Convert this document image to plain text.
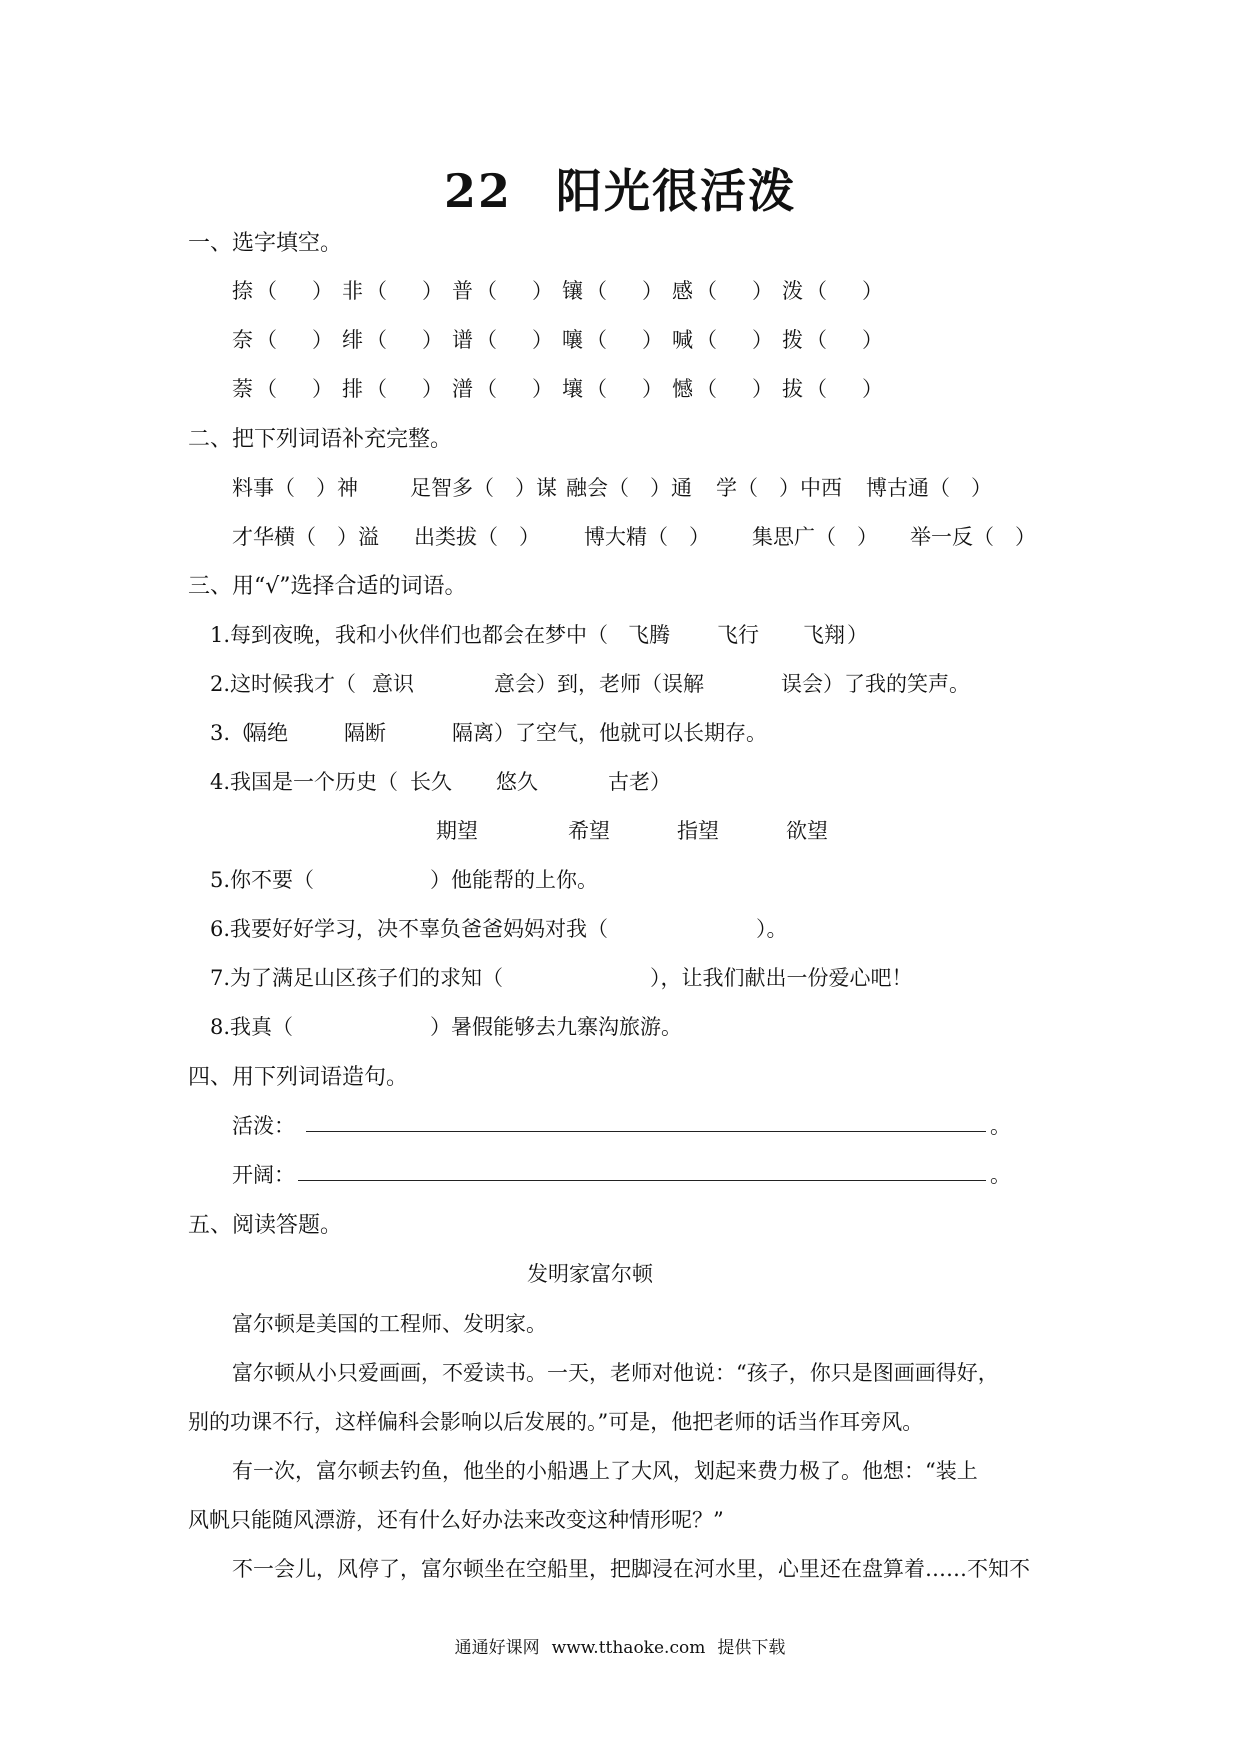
22 阳光很活泼
一、选字填空。
捺 （ ） 非 （ ） 普 （ ） 镶 （ ） 感 （ ） 泼 （ ）
奈 （ ） 绯 （ ） 谱 （ ） 嚷 （ ） 喊 （ ） 拨 （ ）
萘 （ ） 排 （ ） 潽 （ ） 壤 （ ） 憾 （ ） 拔 （ ）
二、把下列词语补充完整。
料事（　）神 足智多（　）谋 融会（　）通 学（　）中西 博古通（　）
才华横（　）溢 出类拔（　） 博大精（　） 集思广（　） 举一反（　）
三、用“√”选择合适的词语。
1.每到夜晚，我和小伙伴们也都会在梦中（ 飞腾 飞行 飞翔 ）
2.这时候我才（ 意识	意会）到，老师（误解	误会）了我的笑声。
3.（
隔绝	隔断	隔离）了空气，他就可以长期存。
4.我国是一个历史（ 长久 悠久	古老）
期望	希望	指望	欲望
5.你不要（	）他能帮的上你。
6.我要好好学习，决不辜负爸爸妈妈对我（	）。
7.为了满足山区孩子们的求知（	），让我们献出一份爱心吧！
8.我真（	）暑假能够去九寨沟旅游。
四、用下列词语造句。
活泼：	。
开阔：	。
五、阅读答题。
发明家富尔顿
富尔顿是美国的工程师、发明家。
富尔顿从小只爱画画，不爱读书。一天，老师对他说：“孩子，你只是图画画得好，
别的功课不行，这样偏科会影响以后发展的。”可是，他把老师的话当作耳旁风。
有一次，富尔顿去钓鱼，他坐的小船遇上了大风，划起来费力极了。他想：“装上
风帆只能随风漂游，还有什么好办法来改变这种情形呢？”
不一会儿，风停了，富尔顿坐在空船里，把脚浸在河水里，心里还在盘算着……不知不
通通好课网 www.tthaoke.com 提供下载
